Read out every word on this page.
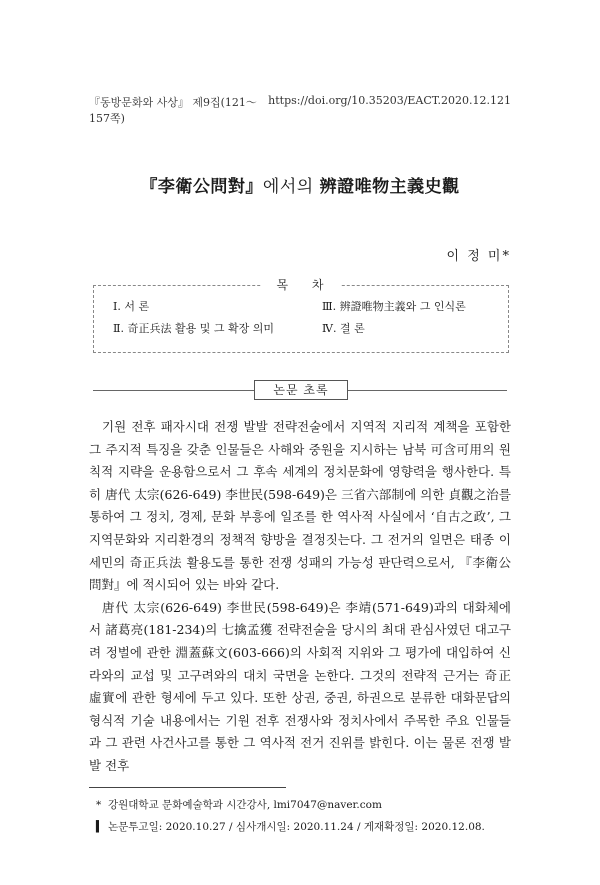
『동방문화와 사상』 제9집(121～157쪽)
https://doi.org/10.35203/EACT.2020.12.121
『李衛公問對』에서의 辨證唯物主義史觀
이 정 미*
목 차
Ⅰ. 서 론	Ⅲ. 辨證唯物主義와 그 인식론
Ⅱ. 奇正兵法 활용 및 그 확장 의미	Ⅳ. 결 론
논문 초록

기원 전후 패자시대 전쟁 발발 전략전술에서 지역적 지리적 계책을 포함한 그 주지적 특징을 갖춘 인물들은 사해와 중원을 지시하는 남북 可含可用의 원칙적 지략을 운용함으로서 그 후속 세계의 정치문화에 영향력을 행사한다. 특히 唐代 太宗(626-649) 李世民(598-649)은 三省六部制에 의한 貞觀之治를 통하여 그 정치, 경제, 문화 부흥에 일조를 한 역사적 사실에서 ‘自古之政’, 그 지역문화와 지리환경의 정책적 향방을 결정짓는다. 그 전거의 일면은 태종 이세민의 奇正兵法 활용도를 통한 전쟁 성패의 가능성 판단력으로서, 『李衛公問對』에 적시되어 있는 바와 같다.

唐代 太宗(626-649) 李世民(598-649)은 李靖(571-649)과의 대화체에서 諸葛亮(181-234)의 七擒孟獲 전략전술을 당시의 최대 관심사였던 대고구려 정벌에 관한 淵蓋蘇文(603-666)의 사회적 지위와 그 평가에 대입하여 신라와의 교섭 및 고구려와의 대치 국면을 논한다. 그것의 전략적 근거는 奇正 虛實에 관한 형세에 두고 있다. 또한 상권, 중권, 하권으로 분류한 대화문답의 형식적 기술 내용에서는 기원 전후 전쟁사와 정치사에서 주목한 주요 인물들과 그 관련 사건사고를 통한 그 역사적 전거 진위를 밝힌다. 이는 물론 전쟁 발발 전후

* 강원대학교 문화예술학과 시간강사, lmi7047@naver.com
▍ 논문투고일: 2020.10.27 / 심사개시일: 2020.11.24 / 게재확정일: 2020.12.08.
